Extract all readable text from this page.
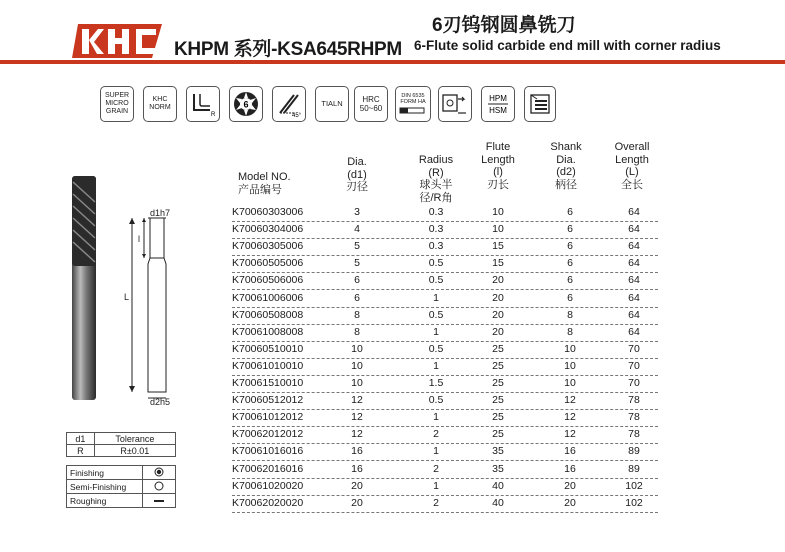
KHPM 系列-KSA645RHPM
6刃钨钢圆鼻铣刀
6-Flute solid carbide end mill with corner radius
SUPER
MICRO
GRAIN
KHC
NORM
R
6
45°
TIALN	HRC
50~60
DIN 6535
FORM HA	HPM
HSM
d1h7
d2h5
l
L
d1	Tolerance
R	R±0.01
Finishing	
Semi-Finishing	
Roughing	
Model NO.
产品编号
Dia.
(d1)
刃径
Radius
(R)
球头半
径/R角
Flute
Length
(l)
刃长
Shank
Dia.
(d2)
柄径
Overall
Length
(L)
全长
K70060303006	3	0.3	10	6	64
K70060304006	4	0.3	10	6	64
K70060305006	5	0.3	15	6	64
K70060505006	5	0.5	15	6	64
K70060506006	6	0.5	20	6	64
K70061006006	6	1	20	6	64
K70060508008	8	0.5	20	8	64
K70061008008	8	1	20	8	64
K70060510010	10	0.5	25	10	70
K70061010010	10	1	25	10	70
K70061510010	10	1.5	25	10	70
K70060512012	12	0.5	25	12	78
K70061012012	12	1	25	12	78
K70062012012	12	2	25	12	78
K70061016016	16	1	35	16	89
K70062016016	16	2	35	16	89
K70061020020	20	1	40	20	102
K70062020020	20	2	40	20	102
